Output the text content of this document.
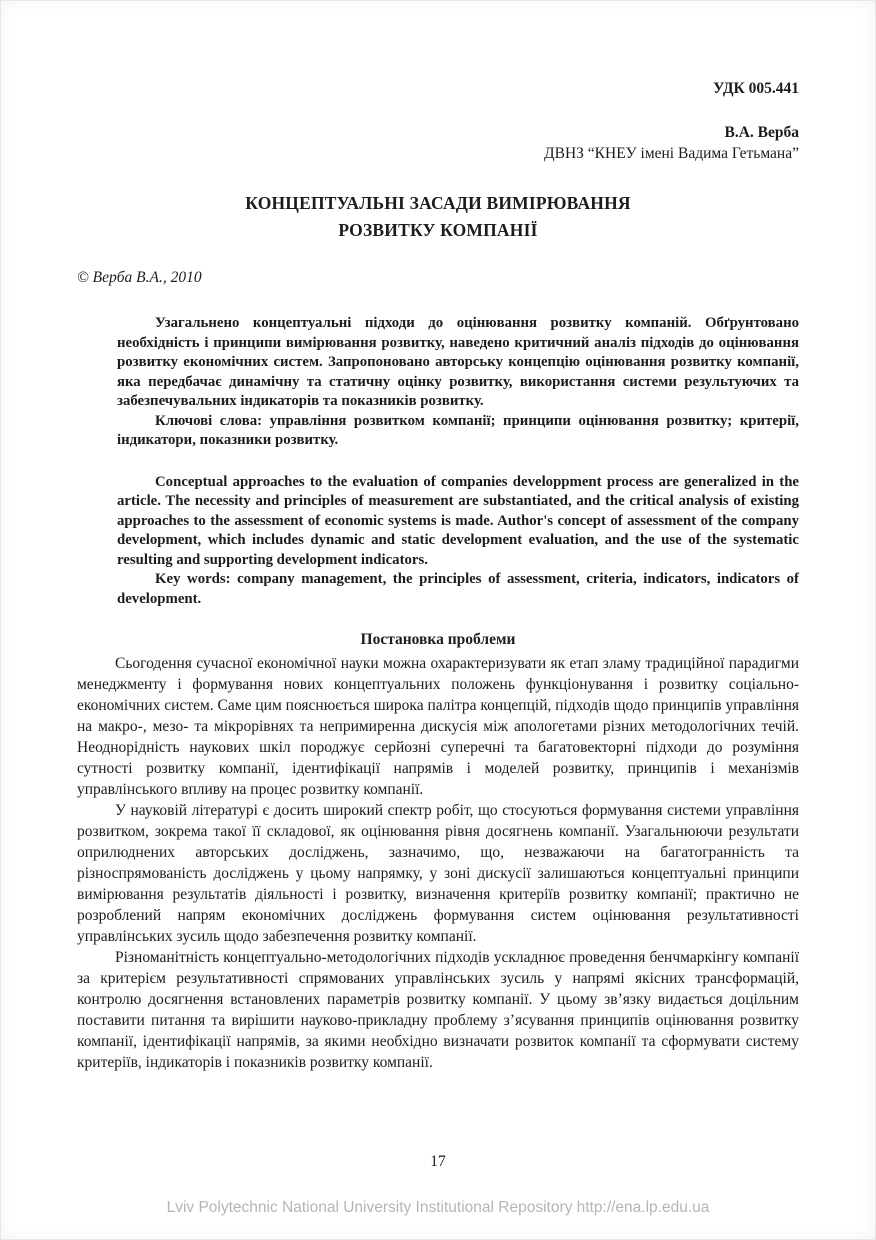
УДК 005.441
В.А. Верба
ДВНЗ “КНЕУ імені Вадима Гетьмана”
КОНЦЕПТУАЛЬНІ ЗАСАДИ ВИМІРЮВАННЯ
РОЗВИТКУ КОМПАНІЇ
© Верба В.А., 2010

Узагальнено концептуальні підходи до оцінювання розвитку компаній. Обґрунтовано необхідність і принципи вимірювання розвитку, наведено критичний аналіз підходів до оцінювання розвитку економічних систем. Запропоновано авторську концепцію оцінювання розвитку компанії, яка передбачає динамічну та статичну оцінку розвитку, використання системи результуючих та забезпечувальних індикаторів та показників розвитку.

Ключові слова: управління розвитком компанії; принципи оцінювання розвитку; критерії, індикатори, показники розвитку.

Conceptual approaches to the evaluation of companies developpment process are generalized in the article. The necessity and principles of measurement are substantiated, and the critical analysis of existing approaches to the assessment of economic systems is made. Author's concept of assessment of the company development, which includes dynamic and static development evaluation, and the use of the systematic resulting and supporting development indicators.

Key words: company management, the principles of assessment, criteria, indicators, indicators of development.

Постановка проблеми

Сьогодення сучасної економічної науки можна охарактеризувати як етап зламу традиційної парадигми менеджменту і формування нових концептуальних положень функціонування і розвитку соціально-економічних систем. Саме цим пояснюється широка палітра концепцій, підходів щодо принципів управління на макро-, мезо- та мікрорівнях та непримиренна дискусія між апологетами різних методологічних течій. Неоднорідність наукових шкіл породжує серйозні суперечні та багатовекторні підходи до розуміння сутності розвитку компанії, ідентифікації напрямів і моделей розвитку, принципів і механізмів управлінського впливу на процес розвитку компанії.

У науковій літературі є досить широкий спектр робіт, що стосуються формування системи управління розвитком, зокрема такої її складової, як оцінювання рівня досягнень компанії. Узагальнюючи результати оприлюднених авторських досліджень, зазначимо, що, незважаючи на багатогранність та різноспрямованість досліджень у цьому напрямку, у зоні дискусії залишаються концептуальні принципи вимірювання результатів діяльності і розвитку, визначення критеріїв розвитку компанії; практично не розроблений напрям економічних досліджень формування систем оцінювання результативності управлінських зусиль щодо забезпечення розвитку компанії.

Різноманітність концептуально-методологічних підходів ускладнює проведення бенчмаркінгу компанії за критерієм результативності спрямованих управлінських зусиль у напрямі якісних трансформацій, контролю досягнення встановлених параметрів розвитку компанії. У цьому зв’язку видається доцільним поставити питання та вирішити науково-прикладну проблему з’ясування принципів оцінювання розвитку компанії, ідентифікації напрямів, за якими необхідно визначати розвиток компанії та сформувати систему критеріїв, індикаторів і показників розвитку компанії.

17
Lviv Polytechnic National University Institutional Repository http://ena.lp.edu.ua
